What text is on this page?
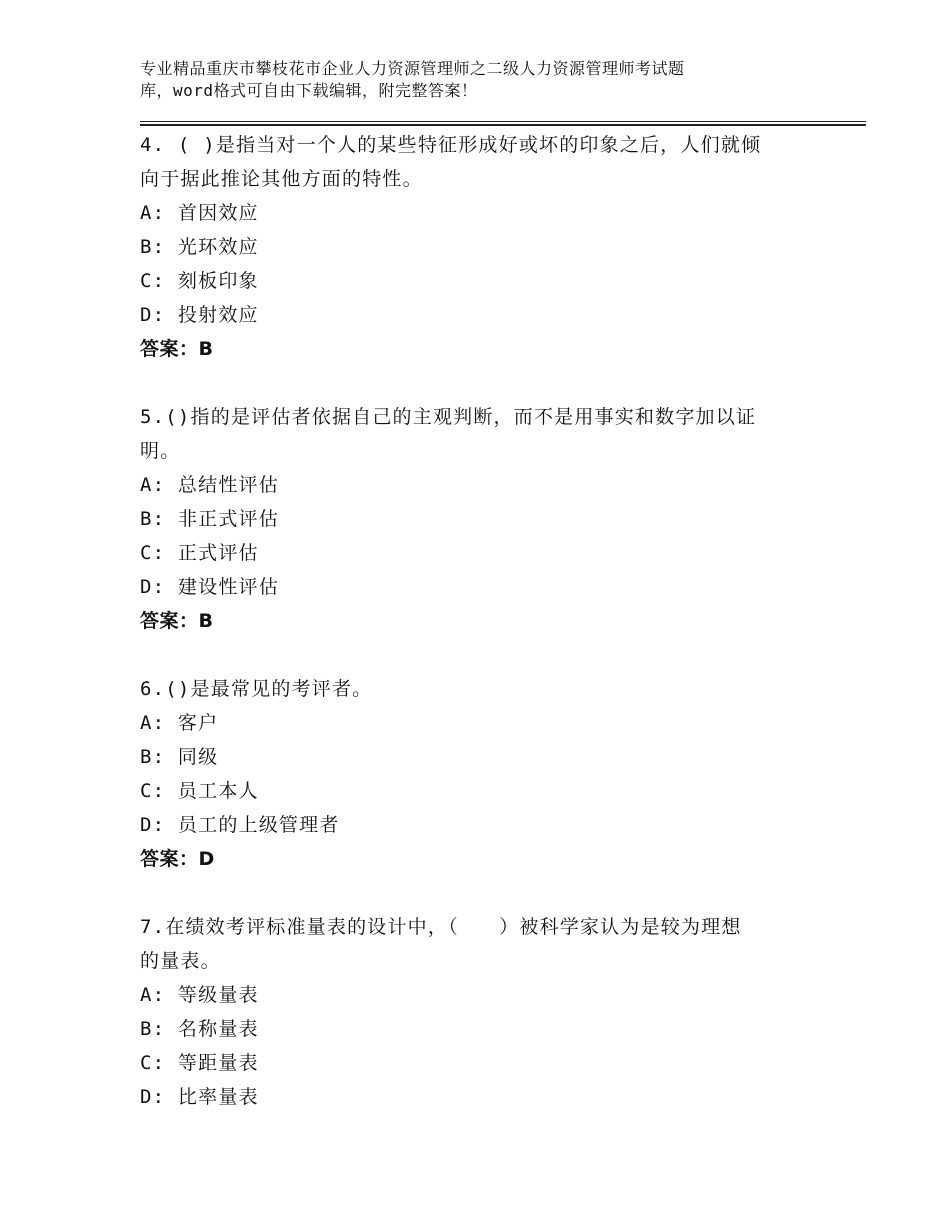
专业精品重庆市攀枝花市企业人力资源管理师之二级人力资源管理师考试题
库，word格式可自由下载编辑，附完整答案！
4. ( )是指当对一个人的某些特征形成好或坏的印象之后，人们就倾
向于据此推论其他方面的特性。
A: 首因效应
B: 光环效应
C: 刻板印象
D: 投射效应
答案：B
5.()指的是评估者依据自己的主观判断，而不是用事实和数字加以证
明。
A: 总结性评估
B: 非正式评估
C: 正式评估
D: 建设性评估
答案：B
6.()是最常见的考评者。
A: 客户
B: 同级
C: 员工本人
D: 员工的上级管理者
答案：D
7.在绩效考评标准量表的设计中，（　　）被科学家认为是较为理想
的量表。
A: 等级量表
B: 名称量表
C: 等距量表
D: 比率量表
